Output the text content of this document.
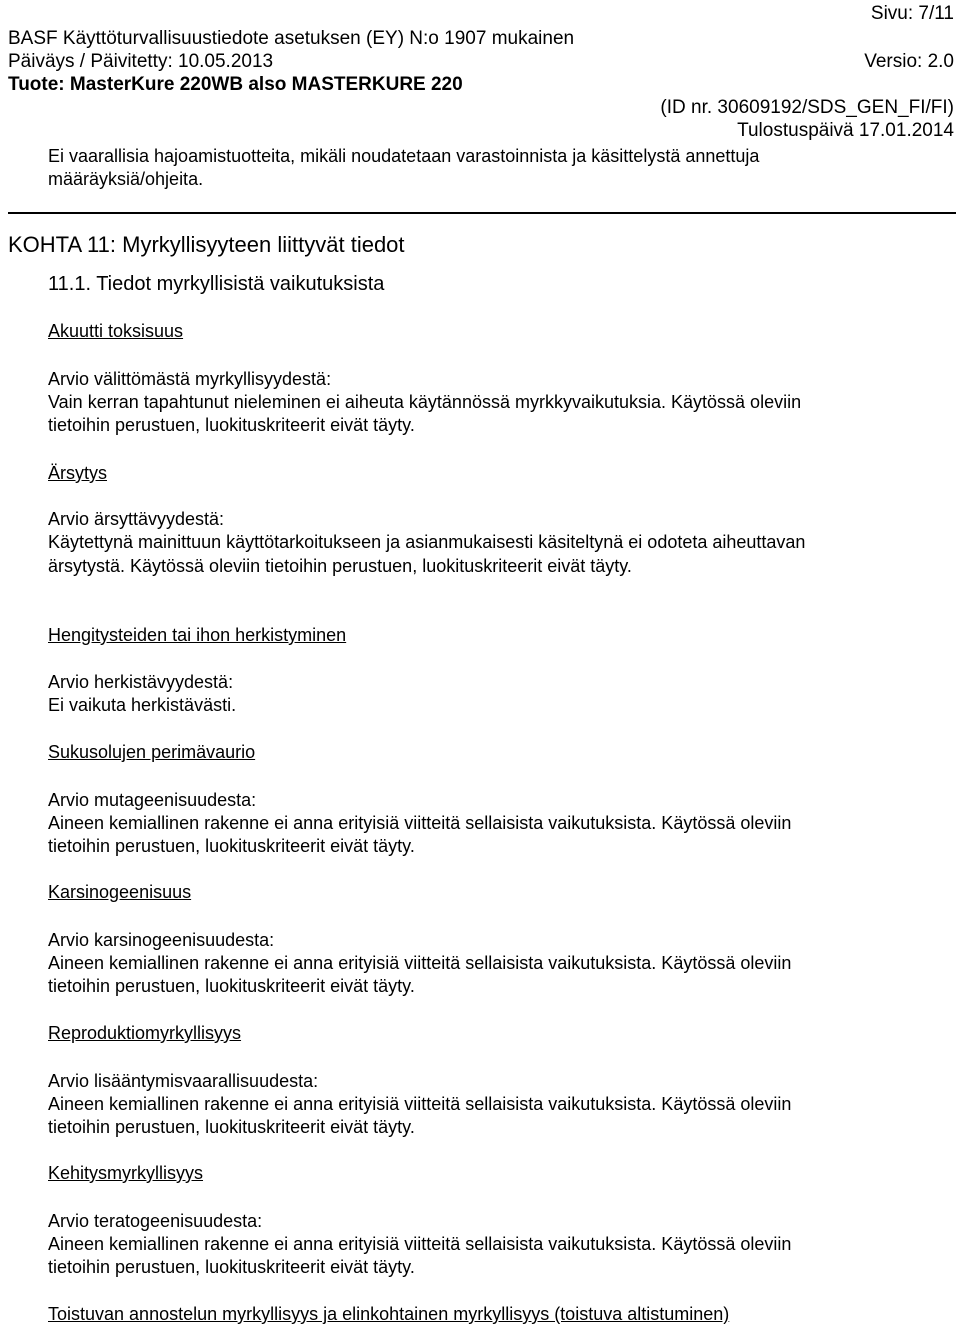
Sivu: 7/11
BASF Käyttöturvallisuustiedote asetuksen (EY) N:o 1907 mukainen
Päiväys / Päivitetty: 10.05.2013	Versio: 2.0
Tuote: MasterKure 220WB also MASTERKURE 220
(ID nr. 30609192/SDS_GEN_FI/FI)
Tulostuspäivä 17.01.2014
Ei vaarallisia hajoamistuotteita, mikäli noudatetaan varastoinnista ja käsittelystä annettuja
määräyksiä/ohjeita.
KOHTA 11: Myrkyllisyyteen liittyvät tiedot
11.1. Tiedot myrkyllisistä vaikutuksista
Akuutti toksisuus
Arvio välittömästä myrkyllisyydestä:
Vain kerran tapahtunut nieleminen ei aiheuta käytännössä myrkkyvaikutuksia. Käytössä oleviin
tietoihin perustuen, luokituskriteerit eivät täyty.
Ärsytys
Arvio ärsyttävyydestä:
Käytettynä mainittuun käyttötarkoitukseen ja asianmukaisesti käsiteltynä ei odoteta aiheuttavan
ärsytystä. Käytössä oleviin tietoihin perustuen, luokituskriteerit eivät täyty.
Hengitysteiden tai ihon herkistyminen
Arvio herkistävyydestä:
Ei vaikuta herkistävästi.
Sukusolujen perimävaurio
Arvio mutageenisuudesta:
Aineen kemiallinen rakenne ei anna erityisiä viitteitä sellaisista vaikutuksista. Käytössä oleviin
tietoihin perustuen, luokituskriteerit eivät täyty.
Karsinogeenisuus
Arvio karsinogeenisuudesta:
Aineen kemiallinen rakenne ei anna erityisiä viitteitä sellaisista vaikutuksista. Käytössä oleviin
tietoihin perustuen, luokituskriteerit eivät täyty.
Reproduktiomyrkyllisyys
Arvio lisääntymisvaarallisuudesta:
Aineen kemiallinen rakenne ei anna erityisiä viitteitä sellaisista vaikutuksista. Käytössä oleviin
tietoihin perustuen, luokituskriteerit eivät täyty.
Kehitysmyrkyllisyys
Arvio teratogeenisuudesta:
Aineen kemiallinen rakenne ei anna erityisiä viitteitä sellaisista vaikutuksista. Käytössä oleviin
tietoihin perustuen, luokituskriteerit eivät täyty.
Toistuvan annostelun myrkyllisyys ja elinkohtainen myrkyllisyys (toistuva altistuminen)
